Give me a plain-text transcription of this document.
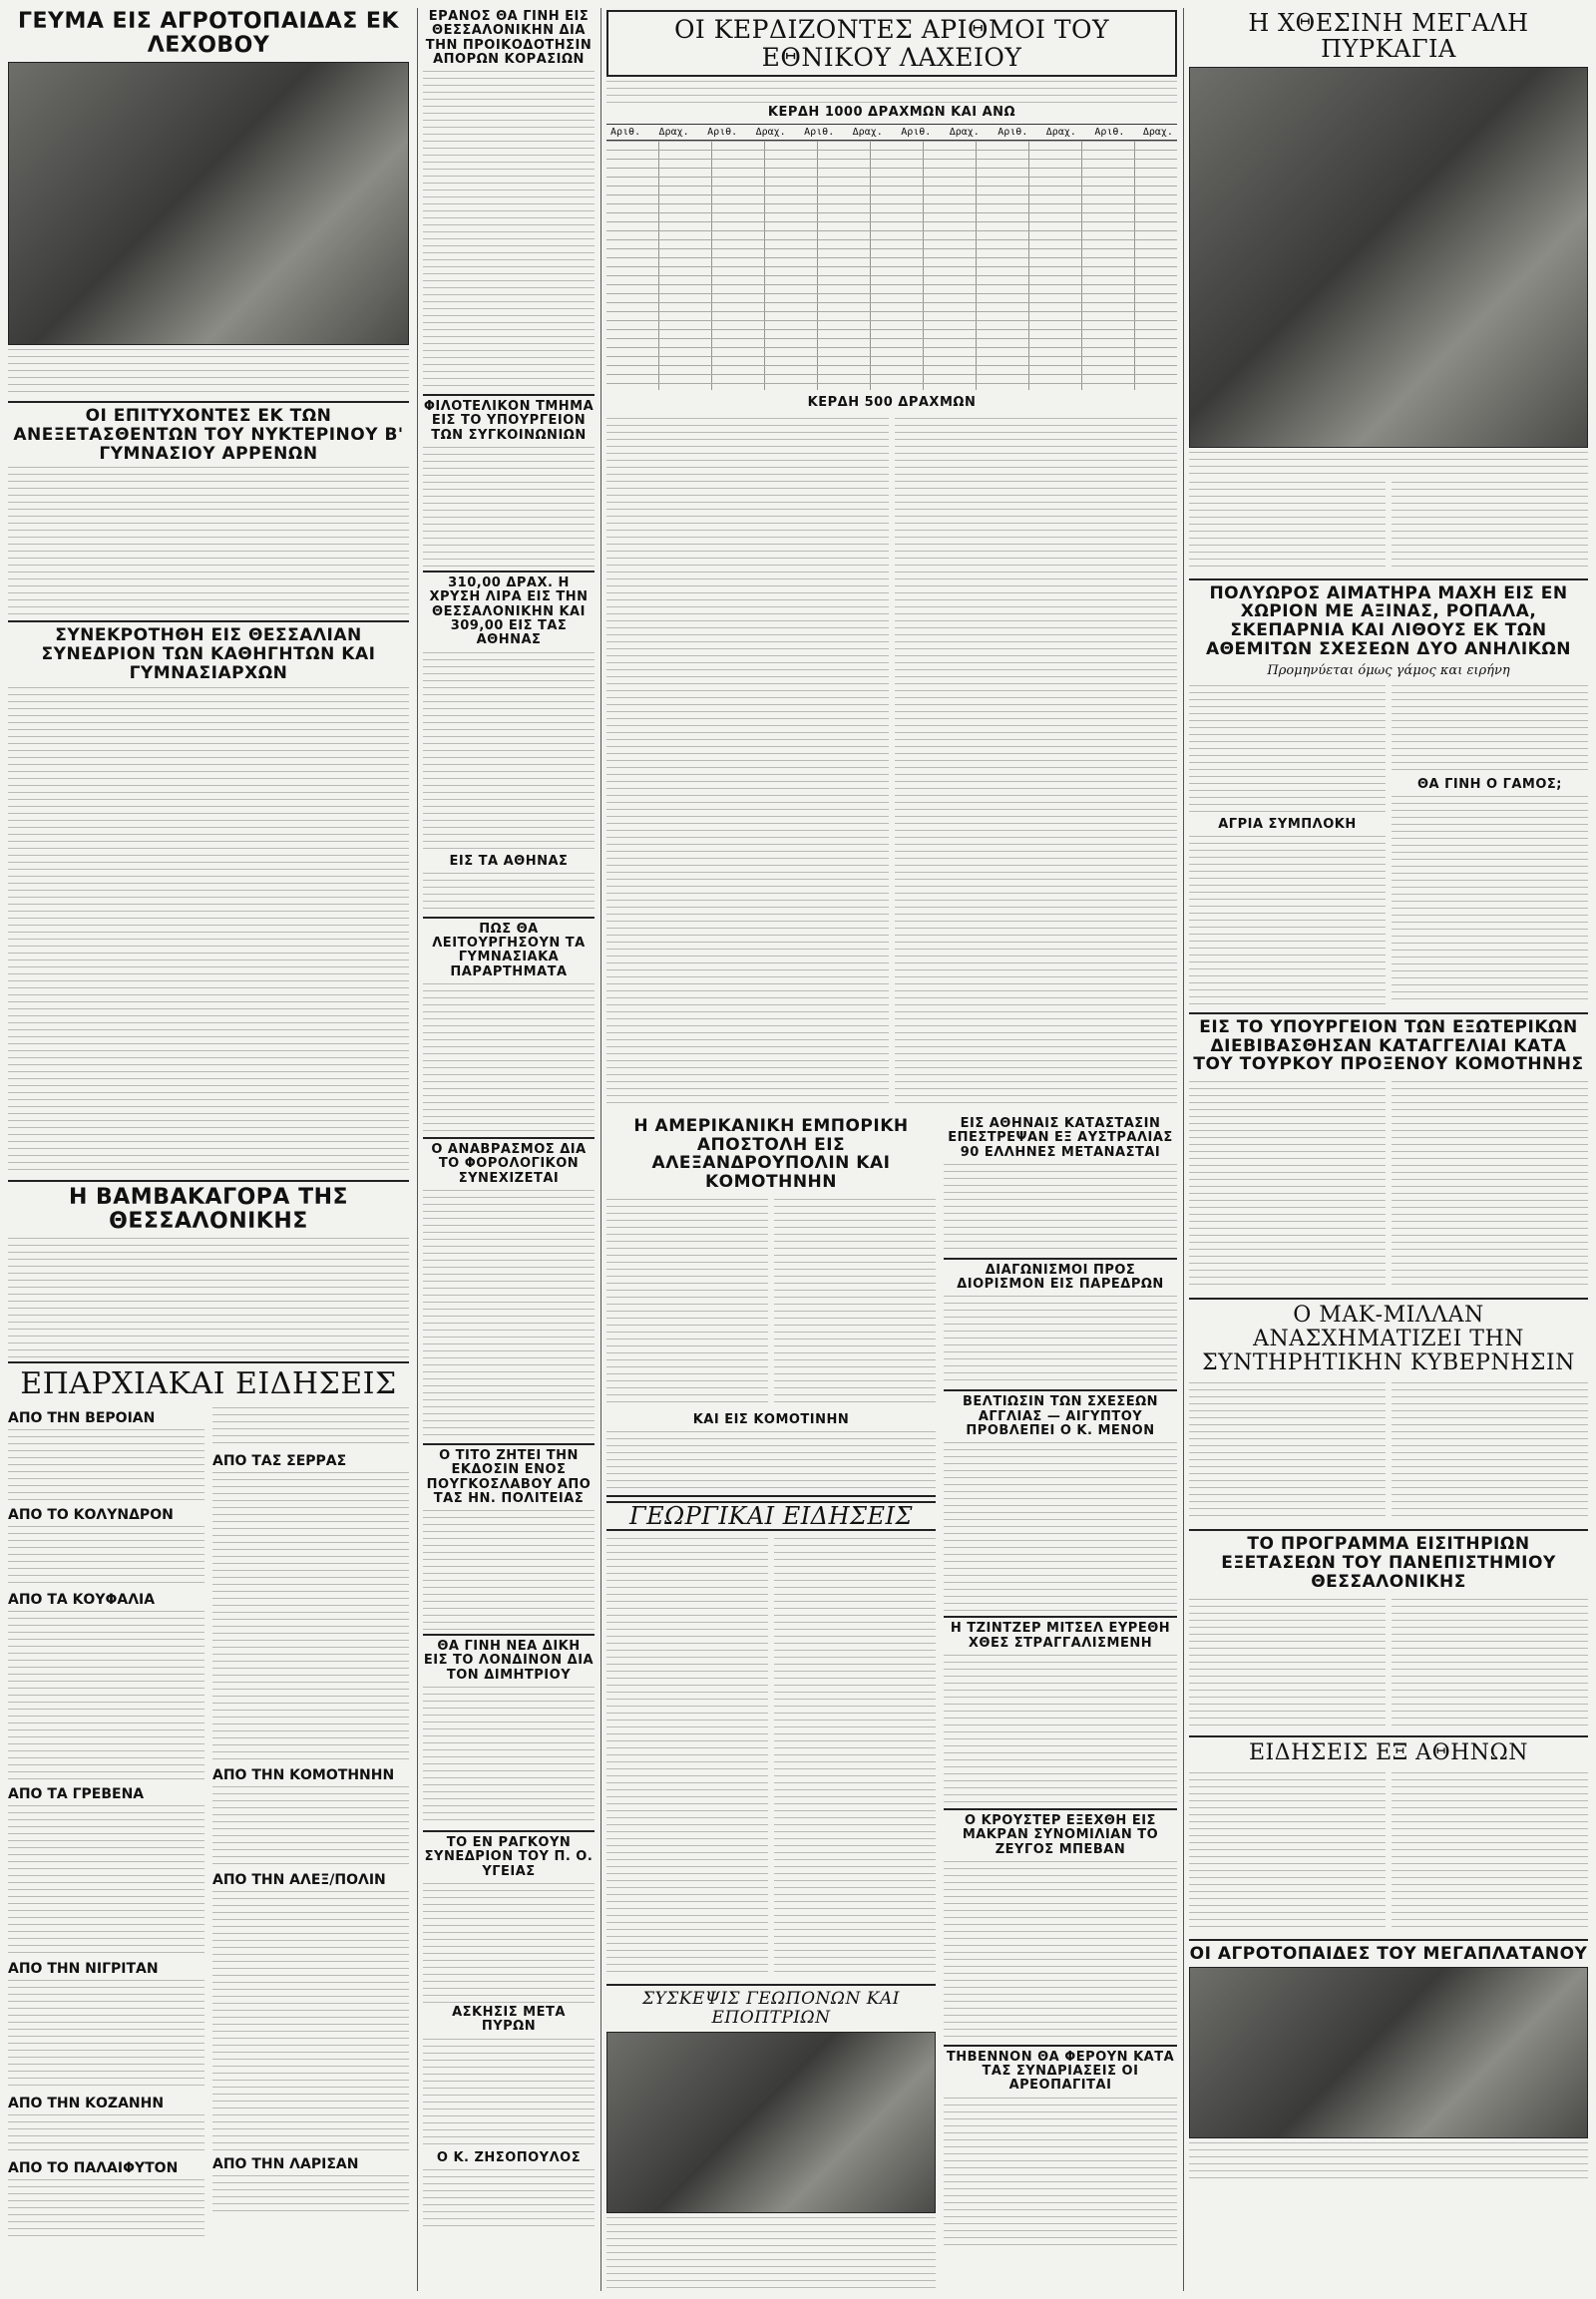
ΓΕΥΜΑ ΕΙΣ ΑΓΡΟΤΟΠΑΙΔΑΣ ΕΚ ΛΕΧΟΒΟΥ
ΟΙ ΕΠΙΤΥΧΟΝΤΕΣ ΕΚ ΤΩΝ ΑΝΕΞΕΤΑΣΘΕΝΤΩΝ ΤΟΥ ΝΥΚΤΕΡΙΝΟΥ Β' ΓΥΜΝΑΣΙΟΥ ΑΡΡΕΝΩΝ
ΣΥΝΕΚΡΟΤΗΘΗ ΕΙΣ ΘΕΣΣΑΛΙΑΝ ΣΥΝΕΔΡΙΟΝ ΤΩΝ ΚΑΘΗΓΗΤΩΝ ΚΑΙ ΓΥΜΝΑΣΙΑΡΧΩΝ
Η ΒΑΜΒΑΚΑΓΟΡΑ ΤΗΣ ΘΕΣΣΑΛΟΝΙΚΗΣ
ΕΠΑΡΧΙΑΚΑΙ ΕΙΔΗΣΕΙΣ
ΑΠΟ ΤΗΝ ΒΕΡΟΙΑΝ
ΑΠΟ ΤΟ ΚΟΛΥΝΔΡΟΝ
ΑΠΟ ΤΑ ΚΟΥΦΑΛΙΑ
ΑΠΟ ΤΑ ΓΡΕΒΕΝΑ
ΑΠΟ ΤΗΝ ΝΙΓΡΙΤΑΝ
ΑΠΟ ΤΗΝ ΚΟΖΑΝΗΝ
ΑΠΟ ΤΟ ΠΑΛΑΙΦΥΤΟΝ
ΑΠΟ ΤΑΣ ΣΕΡΡΑΣ
ΑΠΟ ΤΗΝ ΚΟΜΟΤΗΝΗΝ
ΑΠΟ ΤΗΝ ΑΛΕΞ/ΠΟΛΙΝ
ΑΠΟ ΤΗΝ ΛΑΡΙΣΑΝ
ΕΡΑΝΟΣ ΘΑ ΓΙΝΗ ΕΙΣ ΘΕΣΣΑΛΟΝΙΚΗΝ ΔΙΑ ΤΗΝ ΠΡΟΙΚΟΔΟΤΗΣΙΝ ΑΠΟΡΩΝ ΚΟΡΑΣΙΩΝ
ΦΙΛΟΤΕΛΙΚΟΝ ΤΜΗΜΑ ΕΙΣ ΤΟ ΥΠΟΥΡΓΕΙΟΝ ΤΩΝ ΣΥΓΚΟΙΝΩΝΙΩΝ
310,00 ΔΡΑΧ. Η ΧΡΥΣΗ ΛΙΡΑ ΕΙΣ ΤΗΝ ΘΕΣΣΑΛΟΝΙΚΗΝ ΚΑΙ 309,00 ΕΙΣ ΤΑΣ ΑΘΗΝΑΣ
ΕΙΣ ΤΑ ΑΘΗΝΑΣ
ΠΩΣ ΘΑ ΛΕΙΤΟΥΡΓΗΣΟΥΝ ΤΑ ΓΥΜΝΑΣΙΑΚΑ ΠΑΡΑΡΤΗΜΑΤΑ
Ο ΑΝΑΒΡΑΣΜΟΣ ΔΙΑ ΤΟ ΦΟΡΟΛΟΓΙΚΟΝ ΣΥΝΕΧΙΖΕΤΑΙ
Ο ΤΙΤΟ ΖΗΤΕΙ ΤΗΝ ΕΚΔΟΣΙΝ ΕΝΟΣ ΠΟΥΓΚΟΣΛΑΒΟΥ ΑΠΟ ΤΑΣ ΗΝ. ΠΟΛΙΤΕΙΑΣ
ΘΑ ΓΙΝΗ ΝΕΑ ΔΙΚΗ ΕΙΣ ΤΟ ΛΟΝΔΙΝΟΝ ΔΙΑ ΤΟΝ ΔΙΜΗΤΡΙΟΥ
ΤΟ ΕΝ ΡΑΓΚΟΥΝ ΣΥΝΕΔΡΙΟΝ ΤΟΥ Π. Ο. ΥΓΕΙΑΣ
ΑΣΚΗΣΙΣ ΜΕΤΑ ΠΥΡΩΝ
Ο Κ. ΖΗΣΟΠΟΥΛΟΣ
ΟΙ ΚΕΡΔΙΖΟΝΤΕΣ ΑΡΙΘΜΟΙ ΤΟΥ ΕΘΝΙΚΟΥ ΛΑΧΕΙΟΥ
ΚΕΡΔΗ 1000 ΔΡΑΧΜΩΝ ΚΑΙ ΑΝΩ
Αριθ. Δραχ. Αριθ. Δραχ. Αριθ. Δραχ. Αριθ. Δραχ. Αριθ. Δραχ. Αριθ. Δραχ.
ΚΕΡΔΗ 500 ΔΡΑΧΜΩΝ
Η ΑΜΕΡΙΚΑΝΙΚΗ ΕΜΠΟΡΙΚΗ ΑΠΟΣΤΟΛΗ ΕΙΣ ΑΛΕΞΑΝΔΡΟΥΠΟΛΙΝ ΚΑΙ ΚΟΜΟΤΗΝΗΝ
ΚΑΙ ΕΙΣ ΚΟΜΟΤΙΝΗΝ
ΓΕΩΡΓΙΚΑΙ ΕΙΔΗΣΕΙΣ
ΣΥΣΚΕΨΙΣ ΓΕΩΠΟΝΩΝ ΚΑΙ ΕΠΟΠΤΡΙΩΝ
ΕΙΣ ΑΘΗΝΑΙΣ ΚΑΤΑΣΤΑΣΙΝ ΕΠΕΣΤΡΕΨΑΝ ΕΞ ΑΥΣΤΡΑΛΙΑΣ 90 ΕΛΛΗΝΕΣ ΜΕΤΑΝΑΣΤΑΙ
ΔΙΑΓΩΝΙΣΜΟΙ ΠΡΟΣ ΔΙΟΡΙΣΜΟΝ ΕΙΣ ΠΑΡΕΔΡΩΝ
ΒΕΛΤΙΩΣΙΝ ΤΩΝ ΣΧΕΣΕΩΝ ΑΓΓΛΙΑΣ — ΑΙΓΥΠΤΟΥ ΠΡΟΒΛΕΠΕΙ Ο Κ. ΜΕΝΟΝ
Η ΤΖΙΝΤΖΕΡ ΜΙΤΣΕΛ ΕΥΡΕΘΗ ΧΘΕΣ ΣΤΡΑΓΓΑΛΙΣΜΕΝΗ
Ο ΚΡΟΥΣΤΕΡ ΕΞΕΧΘΗ ΕΙΣ ΜΑΚΡΑΝ ΣΥΝΟΜΙΛΙΑΝ ΤΟ ΖΕΥΓΟΣ ΜΠΕΒΑΝ
ΤΗΒΕΝΝΟΝ ΘΑ ΦΕΡΟΥΝ ΚΑΤΑ ΤΑΣ ΣΥΝΔΡΙΑΣΕΙΣ ΟΙ ΑΡΕΟΠΑΓΙΤΑΙ
Η ΧΘΕΣΙΝΗ ΜΕΓΑΛΗ ΠΥΡΚΑΓΙΑ
ΠΟΛΥΩΡΟΣ ΑΙΜΑΤΗΡΑ ΜΑΧΗ ΕΙΣ ΕΝ ΧΩΡΙΟΝ ΜΕ ΑΞΙΝΑΣ, ΡΟΠΑΛΑ, ΣΚΕΠΑΡΝΙΑ ΚΑΙ ΛΙΘΟΥΣ ΕΚ ΤΩΝ ΑΘΕΜΙΤΩΝ ΣΧΕΣΕΩΝ ΔΥΟ ΑΝΗΛΙΚΩΝ
Προμηνύεται όμως γάμος και ειρήνη
ΑΓΡΙΑ ΣΥΜΠΛΟΚΗ
ΘΑ ΓΙΝΗ Ο ΓΑΜΟΣ;
ΕΙΣ ΤΟ ΥΠΟΥΡΓΕΙΟΝ ΤΩΝ ΕΞΩΤΕΡΙΚΩΝ ΔΙΕΒΙΒΑΣΘΗΣΑΝ ΚΑΤΑΓΓΕΛΙΑΙ ΚΑΤΑ ΤΟΥ ΤΟΥΡΚΟΥ ΠΡΟΞΕΝΟΥ ΚΟΜΟΤΗΝΗΣ
Ο ΜΑΚ-ΜΙΛΛΑΝ ΑΝΑΣΧΗΜΑΤΙΖΕΙ ΤΗΝ ΣΥΝΤΗΡΗΤΙΚΗΝ ΚΥΒΕΡΝΗΣΙΝ
ΤΟ ΠΡΟΓΡΑΜΜΑ ΕΙΣΙΤΗΡΙΩΝ ΕΞΕΤΑΣΕΩΝ ΤΟΥ ΠΑΝΕΠΙΣΤΗΜΙΟΥ ΘΕΣΣΑΛΟΝΙΚΗΣ
ΕΙΔΗΣΕΙΣ ΕΞ ΑΘΗΝΩΝ
ΟΙ ΑΓΡΟΤΟΠΑΙΔΕΣ ΤΟΥ ΜΕΓΑΠΛΑΤΑΝΟΥ
